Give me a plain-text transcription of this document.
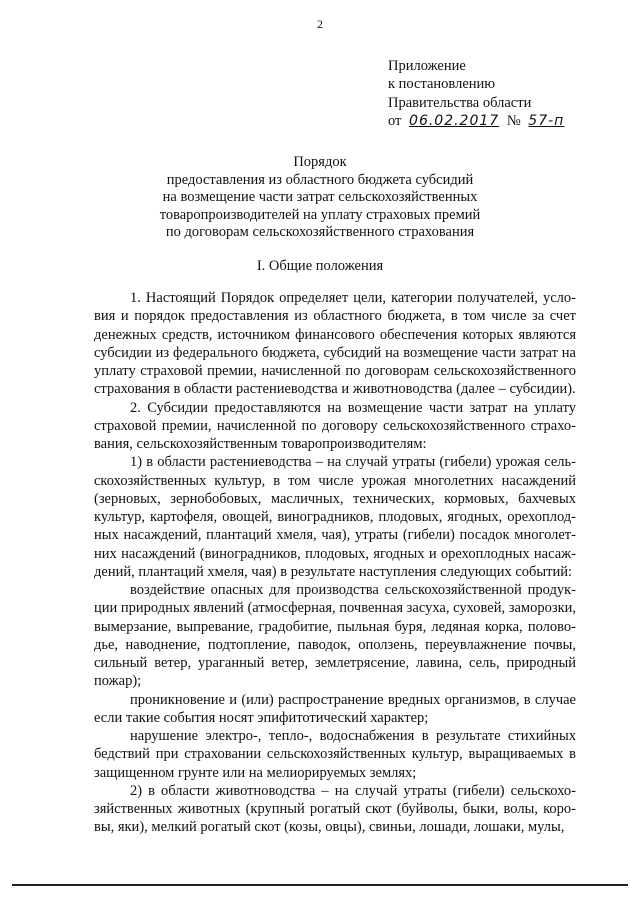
2
Приложение
к постановлению
Правительства области
от 06.02.2017 № 57-п
Порядок
предоставления из областного бюджета субсидий
на возмещение части затрат сельскохозяйственных
товаропроизводителей на уплату страховых премий
по договорам сельскохозяйственного страхования
I. Общие положения

1. Настоящий Порядок определяет цели, категории получателей, условия и порядок предоставления из областного бюджета, в том числе за счет денежных средств, источником финансового обеспечения которых являются субсидии из федерального бюджета, субсидий на возмещение части затрат на уплату страховой премии, начисленной по договорам сельскохозяйственного страхования в области растениеводства и животноводства (далее – субсидии).

2. Субсидии предоставляются на возмещение части затрат на уплату страховой премии, начисленной по договору сельскохозяйственного страхования, сельскохозяйственным товаропроизводителям:

1) в области растениеводства – на случай утраты (гибели) урожая сельскохозяйственных культур, в том числе урожая многолетних насаждений (зерновых, зернобобовых, масличных, технических, кормовых, бахчевых культур, картофеля, овощей, виноградников, плодовых, ягодных, орехоплодных насаждений, плантаций хмеля, чая), утраты (гибели) посадок многолетних насаждений (виноградников, плодовых, ягодных и орехоплодных насаждений, плантаций хмеля, чая) в результате наступления следующих событий:

воздействие опасных для производства сельскохозяйственной продукции природных явлений (атмосферная, почвенная засуха, суховей, заморозки, вымерзание, выпревание, градобитие, пыльная буря, ледяная корка, половодье, наводнение, подтопление, паводок, оползень, переувлажнение почвы, сильный ветер, ураганный ветер, землетрясение, лавина, сель, природный пожар);

проникновение и (или) распространение вредных организмов, в случае если такие события носят эпифитотический характер;

нарушение электро-, тепло-, водоснабжения в результате стихийных бедствий при страховании сельскохозяйственных культур, выращиваемых в защищенном грунте или на мелиорируемых землях;

2) в области животноводства – на случай утраты (гибели) сельскохозяйственных животных (крупный рогатый скот (буйволы, быки, волы, коровы, яки), мелкий рогатый скот (козы, овцы), свиньи, лошади, лошаки, мулы,
